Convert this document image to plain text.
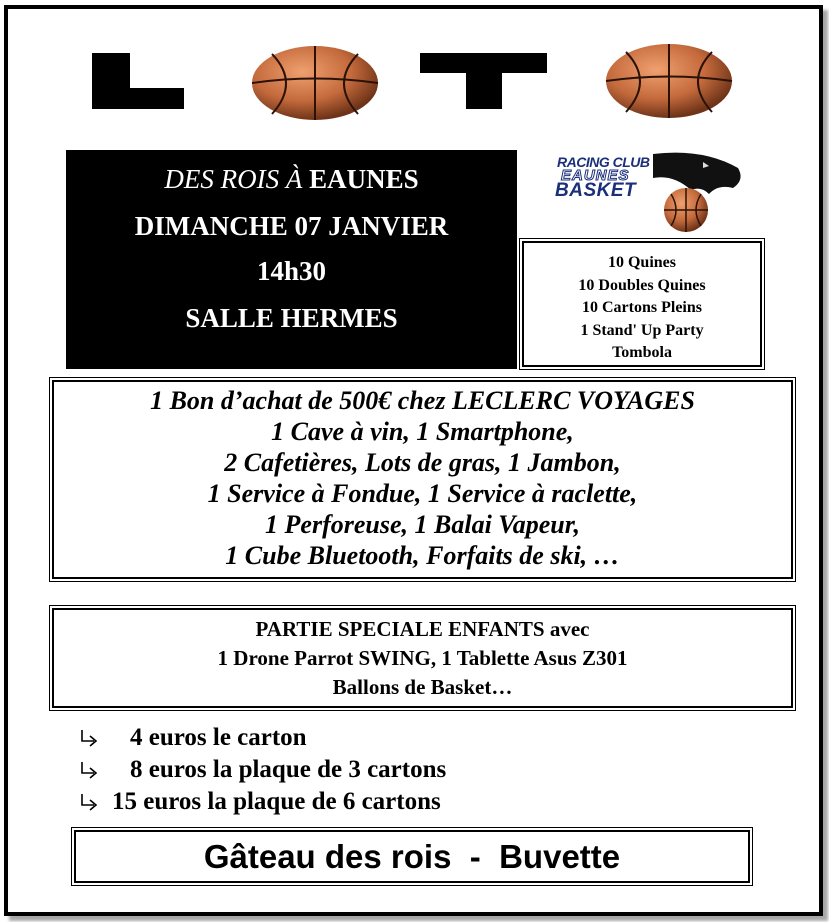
DES ROIS À EAUNES
DIMANCHE 07 JANVIER
14h30
SALLE HERMES
RACING CLUB
EAUNES
BASKET
10 Quines
10 Doubles Quines
10 Cartons Pleins
1 Stand' Up Party
Tombola
1 Bon d’achat de 500€ chez LECLERC VOYAGES
1 Cave à vin, 1 Smartphone,
2 Cafetières, Lots de gras, 1 Jambon,
1 Service à Fondue, 1 Service à raclette,
1 Perforeuse, 1 Balai Vapeur,
1 Cube Bluetooth, Forfaits de ski, …
PARTIE SPECIALE ENFANTS avec
1 Drone Parrot SWING, 1 Tablette Asus Z301
Ballons de Basket…
4 euros le carton
8 euros la plaque de 3 cartons
15 euros la plaque de 6 cartons
Gâteau des rois  -  Buvette
